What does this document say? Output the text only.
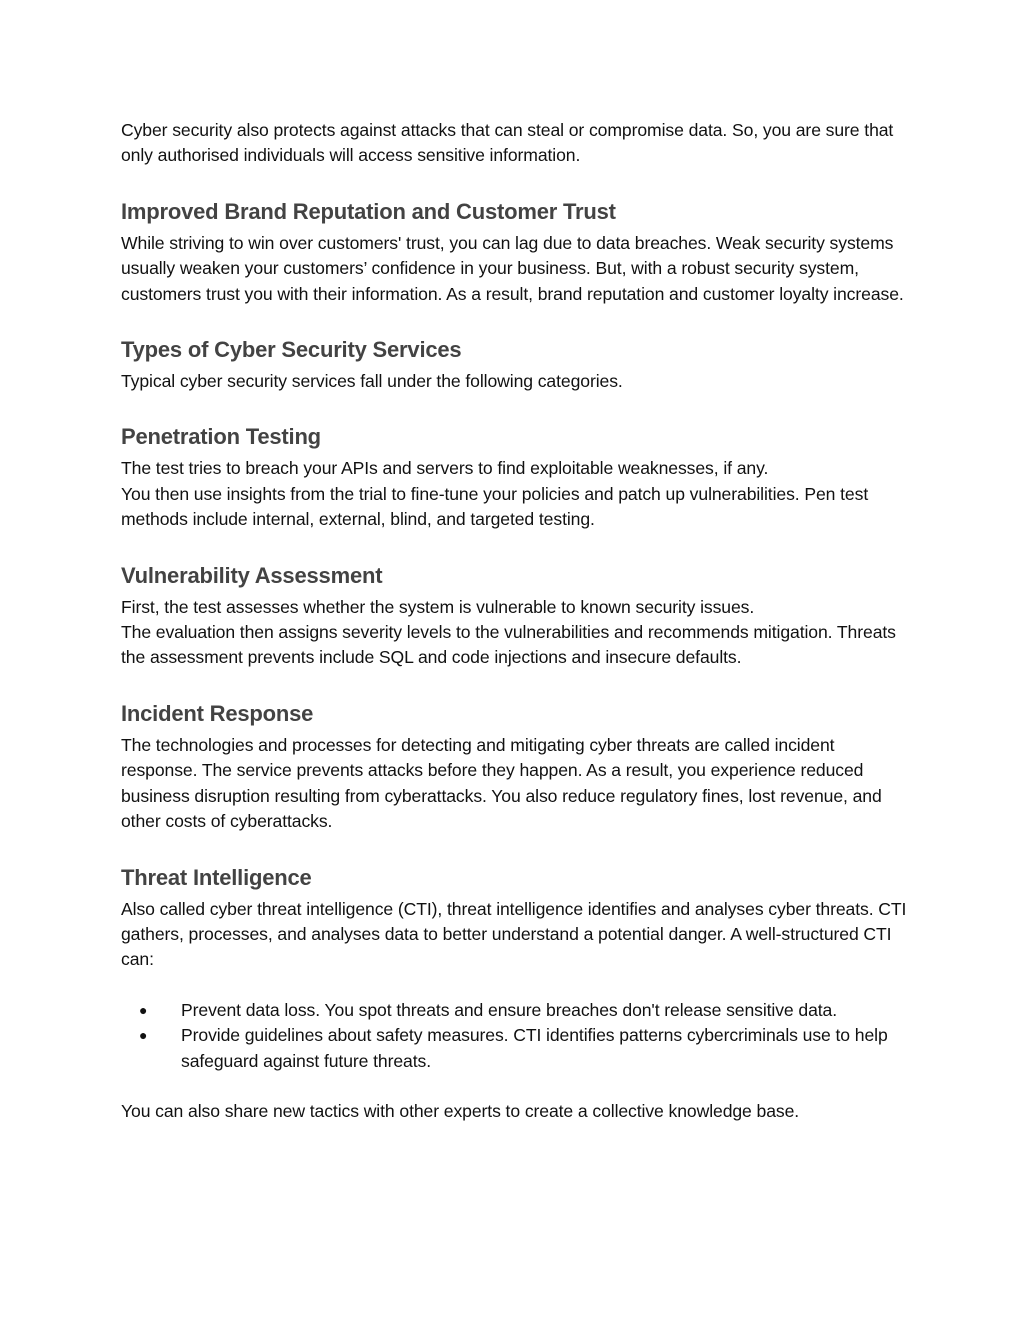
Cyber security also protects against attacks that can steal or compromise data. So, you are sure that only authorised individuals will access sensitive information.

Improved Brand Reputation and Customer Trust

While striving to win over customers' trust, you can lag due to data breaches. Weak security systems usually weaken your customers’ confidence in your business. But, with a robust security system, customers trust you with their information. As a result, brand reputation and customer loyalty increase.

Types of Cyber Security Services

Typical cyber security services fall under the following categories.

Penetration Testing

The test tries to breach your APIs and servers to find exploitable weaknesses, if any.

You then use insights from the trial to fine-tune your policies and patch up vulnerabilities. Pen test methods include internal, external, blind, and targeted testing.

Vulnerability Assessment

First, the test assesses whether the system is vulnerable to known security issues.

The evaluation then assigns severity levels to the vulnerabilities and recommends mitigation. Threats the assessment prevents include SQL and code injections and insecure defaults.

Incident Response

The technologies and processes for detecting and mitigating cyber threats are called incident response. The service prevents attacks before they happen. As a result, you experience reduced business disruption resulting from cyberattacks. You also reduce regulatory fines, lost revenue, and other costs of cyberattacks.

Threat Intelligence

Also called cyber threat intelligence (CTI), threat intelligence identifies and analyses cyber threats. CTI gathers, processes, and analyses data to better understand a potential danger. A well-structured CTI can:

● Prevent data loss. You spot threats and ensure breaches don't release sensitive data.
● Provide guidelines about safety measures. CTI identifies patterns cybercriminals use to help safeguard against future threats.

You can also share new tactics with other experts to create a collective knowledge base.
